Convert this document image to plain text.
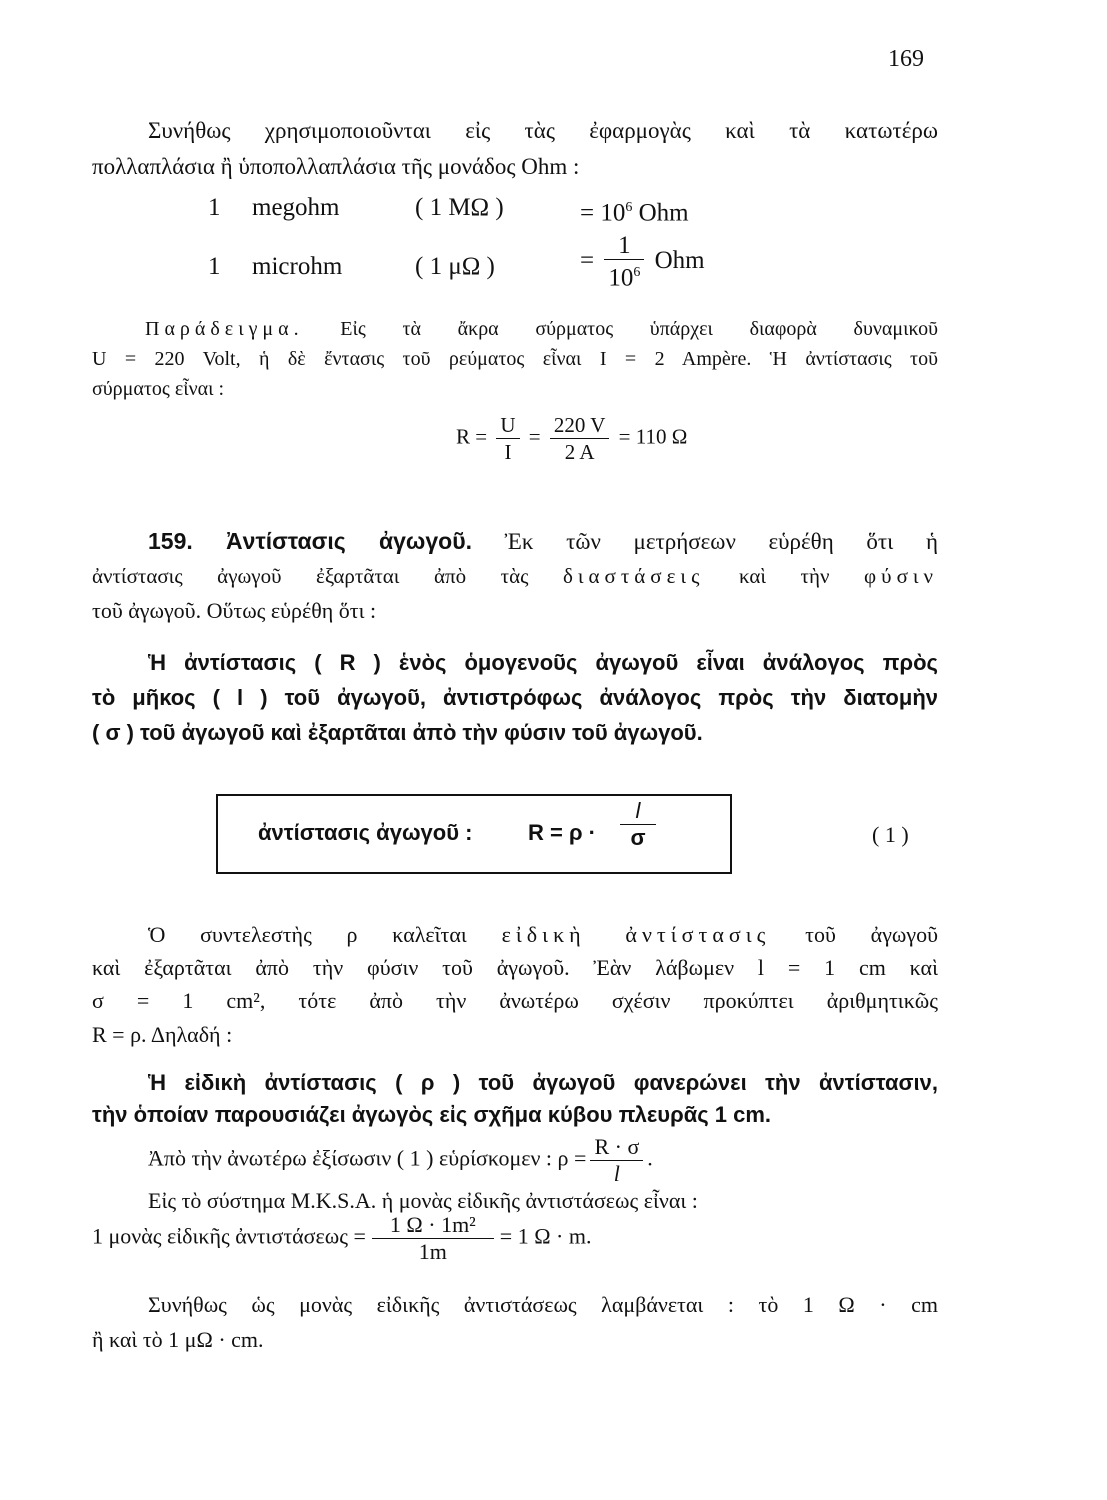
169
Συνήθως χρησιμοποιοῦνται εἰς τὰς ἐφαρμογὰς καὶ τὰ κατωτέρω
πολλαπλάσια ἢ ὑποπολλαπλάσια τῆς μονάδος Ohm :
1 megohm	( 1 MΩ )	= $10^6$ Ohm
1 microhm	( 1 μΩ )	= $\frac{1}{10^6}$ Ohm
Παράδειγμα. Εἰς τὰ ἄκρα σύρματος ὑπάρχει διαφορὰ δυναμικοῦ
U = 220 Volt, ἡ δὲ ἔντασις τοῦ ρεύματος εἶναι I = 2 Ampère. Ἡ ἀντίστασις τοῦ
σύρματος εἶναι :
$R = \frac{U}{I} = \frac{220 V}{2 A} = 110$ Ω
159. Ἀντίστασις ἀγωγοῦ. Ἐκ τῶν μετρήσεων εὑρέθη ὅτι ἡ
ἀντίστασις ἀγωγοῦ ἐξαρτᾶται ἀπὸ τὰς διαστάσεις καὶ τὴν φύσιν
τοῦ ἀγωγοῦ. Οὕτως εὑρέθη ὅτι :
Ἡ ἀντίστασις ( R ) ἑνὸς ὁμογενοῦς ἀγωγοῦ εἶναι ἀνάλογος πρὸς
τὸ μῆκος ( l ) τοῦ ἀγωγοῦ, ἀντιστρόφως ἀνάλογος πρὸς τὴν διατομὴν
( σ ) τοῦ ἀγωγοῦ καὶ ἐξαρτᾶται ἀπὸ τὴν φύσιν τοῦ ἀγωγοῦ.
ἀντίστασις ἀγωγοῦ :	R = ρ ·
l
σ	( 1 )
Ὁ συντελεστὴς ρ καλεῖται εἰδικὴ ἀντίστασις τοῦ ἀγωγοῦ
καὶ ἐξαρτᾶται ἀπὸ τὴν φύσιν τοῦ ἀγωγοῦ. Ἐὰν λάβωμεν l = 1 cm καὶ
σ = 1 cm², τότε ἀπὸ τὴν ἀνωτέρω σχέσιν προκύπτει ἀριθμητικῶς
R = ρ. Δηλαδή :
Ἡ εἰδικὴ ἀντίστασις ( ρ ) τοῦ ἀγωγοῦ φανερώνει τὴν ἀντίστασιν,
τὴν ὁποίαν παρουσιάζει ἀγωγὸς εἰς σχῆμα κύβου πλευρᾶς 1 cm.
Ἀπὸ τὴν ἀνωτέρω ἐξίσωσιν ( 1 ) εὑρίσκομεν : $\rho = \frac{R \cdot \sigma}{l}$ .
Εἰς τὸ σύστημα M.K.S.A. ἡ μονὰς εἰδικῆς ἀντιστάσεως εἶναι :
1 μονὰς εἰδικῆς ἀντιστάσεως = $\frac{\text{1 Ω · 1m²}}{1m} = 1$ Ω · m.
Συνήθως ὡς μονὰς εἰδικῆς ἀντιστάσεως λαμβάνεται : τὸ 1 Ω · cm
ἢ καὶ τὸ 1 μΩ · cm.
